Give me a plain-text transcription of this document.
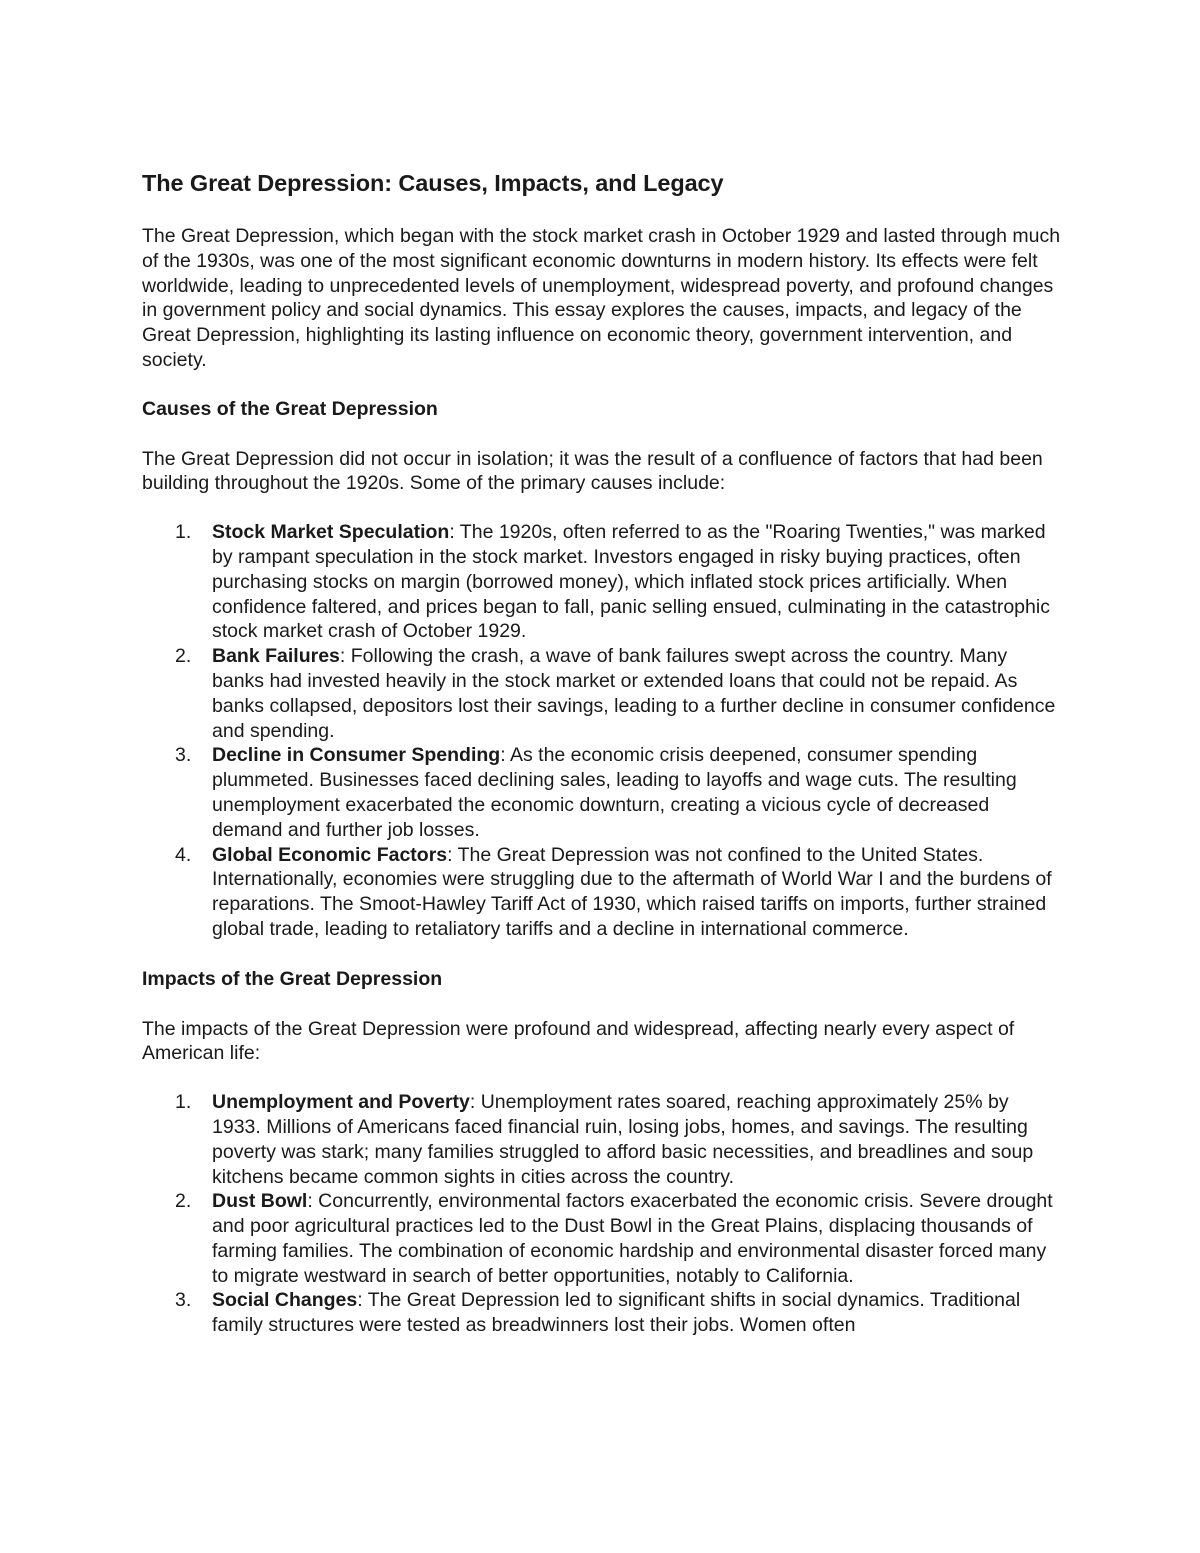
The Great Depression: Causes, Impacts, and Legacy

The Great Depression, which began with the stock market crash in October 1929 and lasted through much of the 1930s, was one of the most significant economic downturns in modern history. Its effects were felt worldwide, leading to unprecedented levels of unemployment, widespread poverty, and profound changes in government policy and social dynamics. This essay explores the causes, impacts, and legacy of the Great Depression, highlighting its lasting influence on economic theory, government intervention, and society.

Causes of the Great Depression

The Great Depression did not occur in isolation; it was the result of a confluence of factors that had been building throughout the 1920s. Some of the primary causes include:

1. Stock Market Speculation: The 1920s, often referred to as the "Roaring Twenties," was marked by rampant speculation in the stock market. Investors engaged in risky buying practices, often purchasing stocks on margin (borrowed money), which inflated stock prices artificially. When confidence faltered, and prices began to fall, panic selling ensued, culminating in the catastrophic stock market crash of October 1929.
2. Bank Failures: Following the crash, a wave of bank failures swept across the country. Many banks had invested heavily in the stock market or extended loans that could not be repaid. As banks collapsed, depositors lost their savings, leading to a further decline in consumer confidence and spending.
3. Decline in Consumer Spending: As the economic crisis deepened, consumer spending plummeted. Businesses faced declining sales, leading to layoffs and wage cuts. The resulting unemployment exacerbated the economic downturn, creating a vicious cycle of decreased demand and further job losses.
4. Global Economic Factors: The Great Depression was not confined to the United States. Internationally, economies were struggling due to the aftermath of World War I and the burdens of reparations. The Smoot-Hawley Tariff Act of 1930, which raised tariffs on imports, further strained global trade, leading to retaliatory tariffs and a decline in international commerce.
Impacts of the Great Depression

The impacts of the Great Depression were profound and widespread, affecting nearly every aspect of American life:

1. Unemployment and Poverty: Unemployment rates soared, reaching approximately 25% by 1933. Millions of Americans faced financial ruin, losing jobs, homes, and savings. The resulting poverty was stark; many families struggled to afford basic necessities, and breadlines and soup kitchens became common sights in cities across the country.
2. Dust Bowl: Concurrently, environmental factors exacerbated the economic crisis. Severe drought and poor agricultural practices led to the Dust Bowl in the Great Plains, displacing thousands of farming families. The combination of economic hardship and environmental disaster forced many to migrate westward in search of better opportunities, notably to California.
3. Social Changes: The Great Depression led to significant shifts in social dynamics. Traditional family structures were tested as breadwinners lost their jobs. Women often
